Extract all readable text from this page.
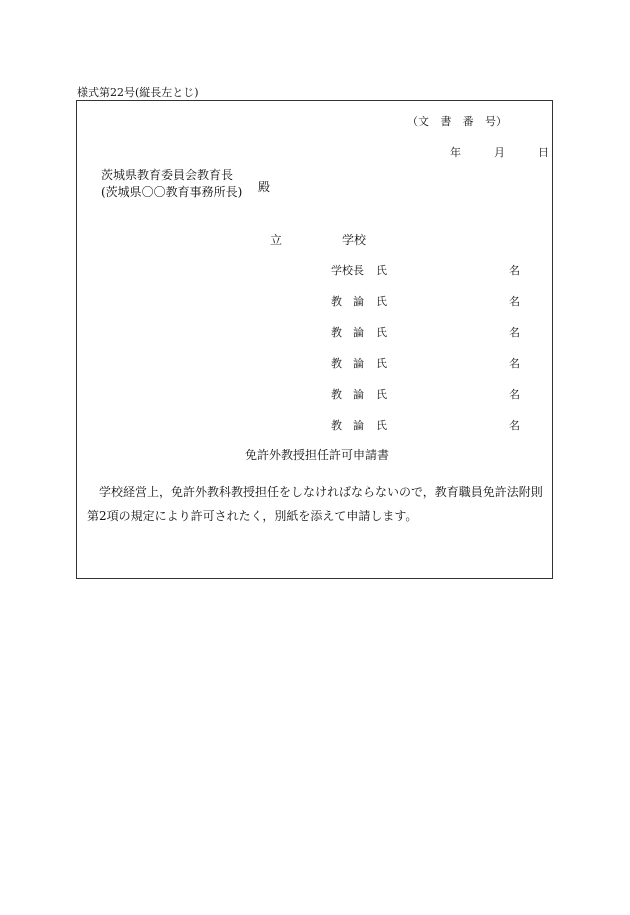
様式第22号(縦長左とじ)
（文 書 番 号）
年	月	日
茨城県教育委員会教育長
(茨城県〇〇教育事務所長) 殿
立	学校
学校長 氏	名
教　論 氏	名
教　論 氏	名
教　論 氏	名
教　論 氏	名
教　論 氏	名
免許外教授担任許可申請書
学校経営上，免許外教科教授担任をしなければならないので，教育職員免許法附則第2項の規定により許可されたく，別紙を添えて申請します。
